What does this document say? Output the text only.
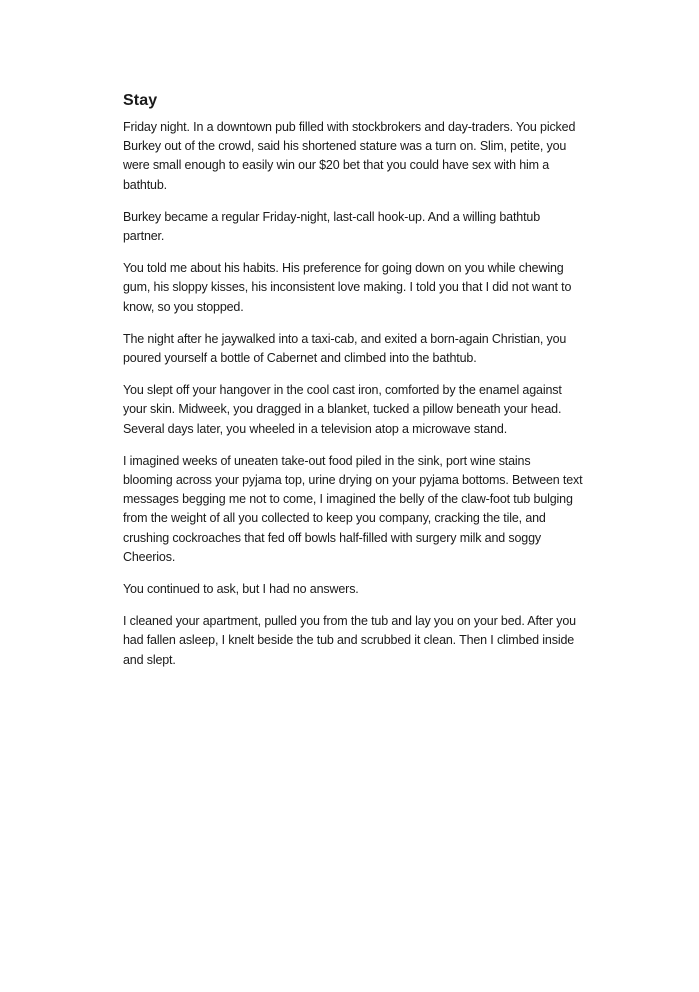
Stay

Friday night. In a downtown pub filled with stockbrokers and day-traders. You picked Burkey out of the crowd, said his shortened stature was a turn on. Slim, petite, you were small enough to easily win our $20 bet that you could have sex with him a bathtub.

Burkey became a regular Friday-night, last-call hook-up. And a willing bathtub partner.

You told me about his habits. His preference for going down on you while chewing gum, his sloppy kisses, his inconsistent love making. I told you that I did not want to know, so you stopped.

The night after he jaywalked into a taxi-cab, and exited a born-again Christian, you poured yourself a bottle of Cabernet and climbed into the bathtub.

You slept off your hangover in the cool cast iron, comforted by the enamel against your skin. Midweek, you dragged in a blanket, tucked a pillow beneath your head. Several days later, you wheeled in a television atop a microwave stand.

I imagined weeks of uneaten take-out food piled in the sink, port wine stains blooming across your pyjama top, urine drying on your pyjama bottoms. Between text messages begging me not to come, I imagined the belly of the claw-foot tub bulging from the weight of all you collected to keep you company, cracking the tile, and crushing cockroaches that fed off bowls half-filled with surgery milk and soggy Cheerios.

You continued to ask, but I had no answers.

I cleaned your apartment, pulled you from the tub and lay you on your bed. After you had fallen asleep, I knelt beside the tub and scrubbed it clean. Then I climbed inside and slept.
